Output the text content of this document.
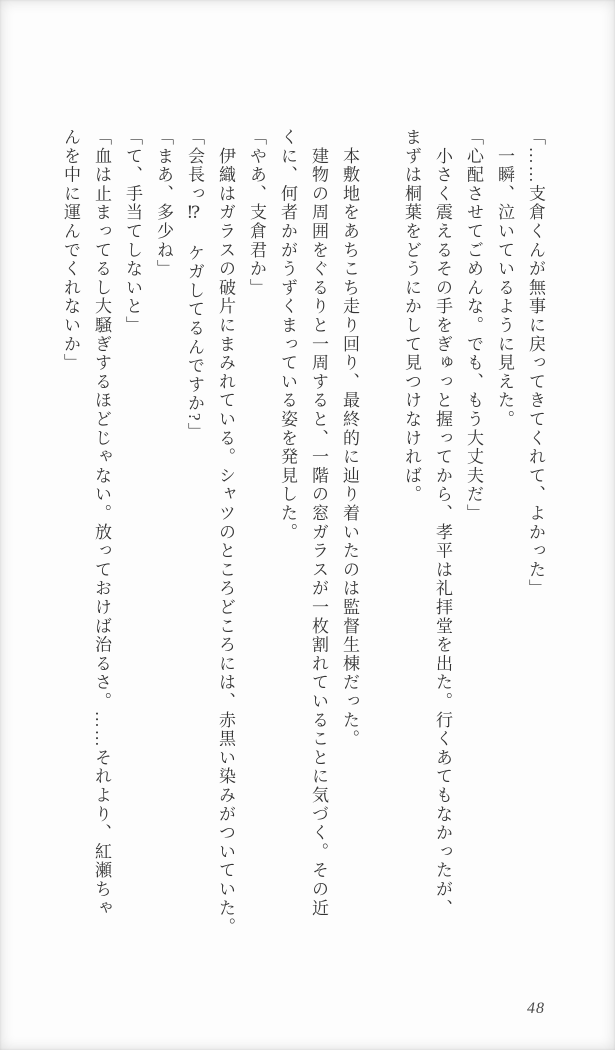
「……支倉くんが無事に戻ってきてくれて、よかった」
　一瞬、泣いているように見えた。
「心配させてごめんな。でも、もう大丈夫だ」
　小さく震えるその手をぎゅっと握ってから、孝平は礼拝堂を出た。行くあてもなかったが、
まずは桐葉をどうにかして見つけなければ。

　本敷地をあちこち走り回り、最終的に辿り着いたのは監督生棟だった。
　建物の周囲をぐるりと一周すると、一階の窓ガラスが一枚割れていることに気づく。その近
くに、何者かがうずくまっている姿を発見した。
「やあ、支倉君か」
　伊織はガラスの破片にまみれている。シャツのところどころには、赤黒い染みがついていた。
「会長っ⁉　ケガしてるんですか?」
「まあ、多少ね」
「て、手当てしないと」
「血は止まってるし大騒ぎするほどじゃない。放っておけば治るさ。……それより、紅瀬ちゃ
んを中に運んでくれないか」
48
